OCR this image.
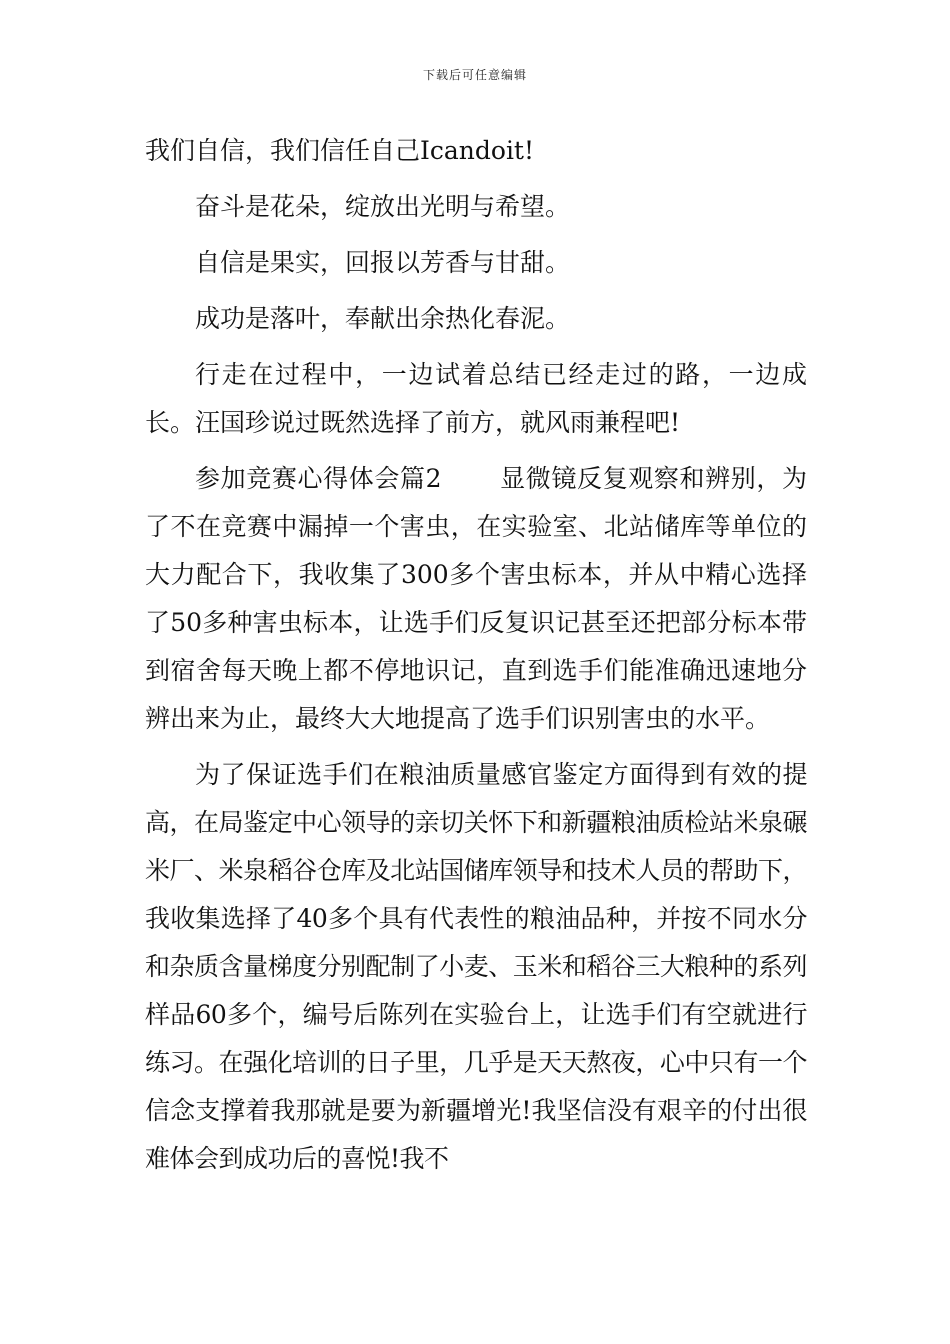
下载后可任意编辑

我们自信，我们信任自己Icandoit!

奋斗是花朵，绽放出光明与希望。

自信是果实，回报以芳香与甘甜。

成功是落叶，奉献出余热化春泥。

行走在过程中，一边试着总结已经走过的路，一边成长。汪国珍说过既然选择了前方，就风雨兼程吧!

参加竞赛心得体会篇2 显微镜反复观察和辨别，为了不在竞赛中漏掉一个害虫，在实验室、北站储库等单位的大力配合下，我收集了300多个害虫标本，并从中精心选择了50多种害虫标本，让选手们反复识记甚至还把部分标本带到宿舍每天晚上都不停地识记，直到选手们能准确迅速地分辨出来为止，最终大大地提高了选手们识别害虫的水平。

为了保证选手们在粮油质量感官鉴定方面得到有效的提高，在局鉴定中心领导的亲切关怀下和新疆粮油质检站米泉碾米厂、米泉稻谷仓库及北站国储库领导和技术人员的帮助下，我收集选择了40多个具有代表性的粮油品种，并按不同水分和杂质含量梯度分别配制了小麦、玉米和稻谷三大粮种的系列样品60多个，编号后陈列在实验台上，让选手们有空就进行练习。在强化培训的日子里，几乎是天天熬夜，心中只有一个信念支撑着我那就是要为新疆增光!我坚信没有艰辛的付出很难体会到成功后的喜悦!我不
